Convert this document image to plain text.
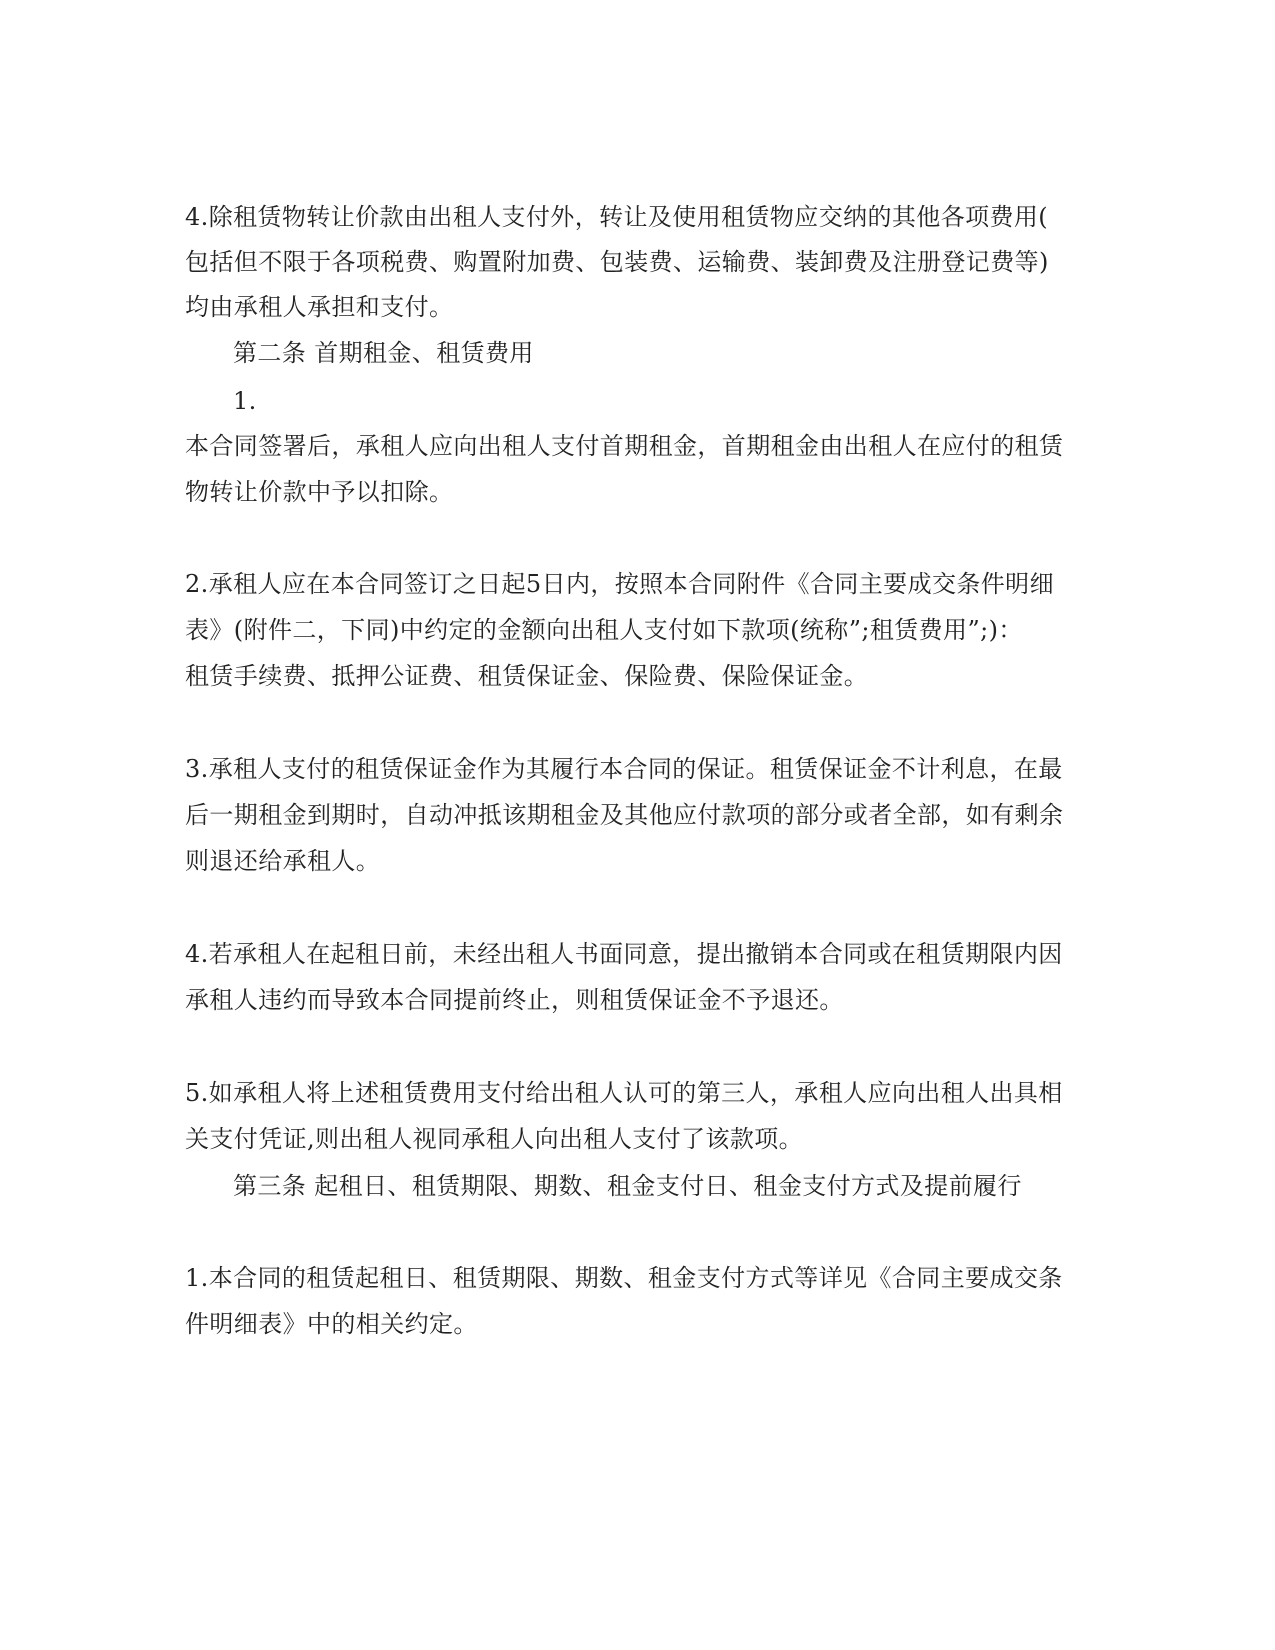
4.除租赁物转让价款由出租人支付外，转让及使用租赁物应交纳的其他各项费用(
包括但不限于各项税费、购置附加费、包装费、运输费、装卸费及注册登记费等)
均由承租人承担和支付。
第二条 首期租金、租赁费用
1.
本合同签署后，承租人应向出租人支付首期租金，首期租金由出租人在应付的租赁
物转让价款中予以扣除。
2.承租人应在本合同签订之日起5日内，按照本合同附件《合同主要成交条件明细
表》(附件二，下同)中约定的金额向出租人支付如下款项(统称”;租赁费用”;)：
租赁手续费、抵押公证费、租赁保证金、保险费、保险保证金。
3.承租人支付的租赁保证金作为其履行本合同的保证。租赁保证金不计利息，在最
后一期租金到期时，自动冲抵该期租金及其他应付款项的部分或者全部，如有剩余
则退还给承租人。
4.若承租人在起租日前，未经出租人书面同意，提出撤销本合同或在租赁期限内因
承租人违约而导致本合同提前终止，则租赁保证金不予退还。
5.如承租人将上述租赁费用支付给出租人认可的第三人，承租人应向出租人出具相
关支付凭证,则出租人视同承租人向出租人支付了该款项。
第三条 起租日、租赁期限、期数、租金支付日、租金支付方式及提前履行
1.本合同的租赁起租日、租赁期限、期数、租金支付方式等详见《合同主要成交条
件明细表》中的相关约定。
